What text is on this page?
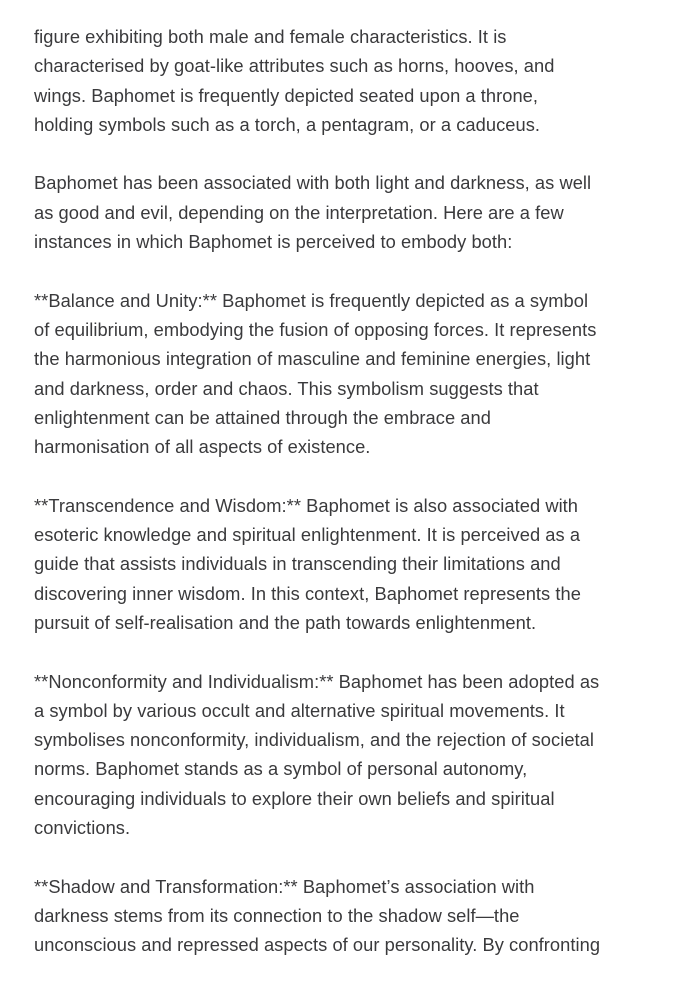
figure exhibiting both male and female characteristics. It is
characterised by goat-like attributes such as horns, hooves, and
wings. Baphomet is frequently depicted seated upon a throne,
holding symbols such as a torch, a pentagram, or a caduceus.

Baphomet has been associated with both light and darkness, as well
as good and evil, depending on the interpretation. Here are a few
instances in which Baphomet is perceived to embody both:

**Balance and Unity:** Baphomet is frequently depicted as a symbol
of equilibrium, embodying the fusion of opposing forces. It represents
the harmonious integration of masculine and feminine energies, light
and darkness, order and chaos. This symbolism suggests that
enlightenment can be attained through the embrace and
harmonisation of all aspects of existence.

**Transcendence and Wisdom:** Baphomet is also associated with
esoteric knowledge and spiritual enlightenment. It is perceived as a
guide that assists individuals in transcending their limitations and
discovering inner wisdom. In this context, Baphomet represents the
pursuit of self-realisation and the path towards enlightenment.

**Nonconformity and Individualism:** Baphomet has been adopted as
a symbol by various occult and alternative spiritual movements. It
symbolises nonconformity, individualism, and the rejection of societal
norms. Baphomet stands as a symbol of personal autonomy,
encouraging individuals to explore their own beliefs and spiritual
convictions.

**Shadow and Transformation:** Baphomet’s association with
darkness stems from its connection to the shadow self—the
unconscious and repressed aspects of our personality. By confronting
